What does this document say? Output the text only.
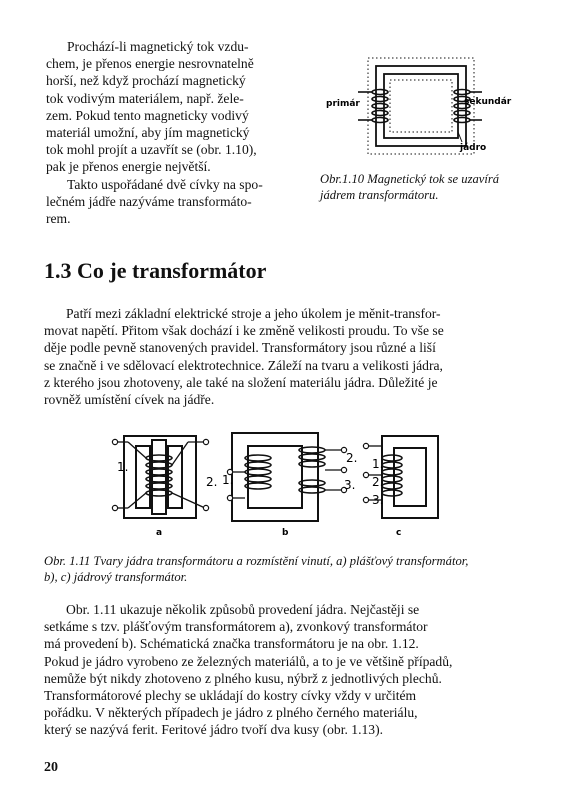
Prochází-li magnetický tok vzdu-
chem, je přenos energie nesrovnatelně
horší, než když prochází magnetický
tok vodivým materiálem, např. žele-
zem. Pokud tento magneticky vodivý
materiál umožní, aby jím magnetický
tok mohl projít a uzavřít se (obr. 1.10),
pak je přenos energie největší.
Takto uspořádané dvě cívky na spo-
lečném jádře nazýváme transformáto-
rem.
primár	sekundár
jádro
Obr.1.10 Magnetický tok se uzavírá
jádrem transformátoru.
1.3 Co je transformátor
Patří mezi základní elektrické stroje a jeho úkolem je měnit-transfor-
movat napětí. Přitom však dochází i ke změně velikosti proudu. To vše se
děje podle pevně stanovených pravidel. Transformátory jsou různé a liší
se značně i ve sdělovací elektrotechnice. Záleží na tvaru a velikosti jádra,
z kterého jsou zhotoveny, ale také na složení materiálu jádra. Důležité je
rovněž umístění cívek na jádře.
1.
2.
a
1.
2.
3.
b
1.
2.
3.
c
Obr. 1.11 Tvary jádra transformátoru a rozmístění vinutí, a) plášťový transformátor,
b), c) jádrový transformátor.
Obr. 1.11 ukazuje několik způsobů provedení jádra. Nejčastěji se
setkáme s tzv. plášťovým transformátorem a), zvonkový transformátor
má provedení b). Schématická značka transformátoru je na obr. 1.12.
Pokud je jádro vyrobeno ze železných materiálů, a to je ve většině případů,
nemůže být nikdy zhotoveno z plného kusu, nýbrž z jednotlivých plechů.
Transformátorové plechy se ukládají do kostry cívky vždy v určitém
pořádku. V některých případech je jádro z plného černého materiálu,
který se nazývá ferit. Feritové jádro tvoří dva kusy (obr. 1.13).
20
